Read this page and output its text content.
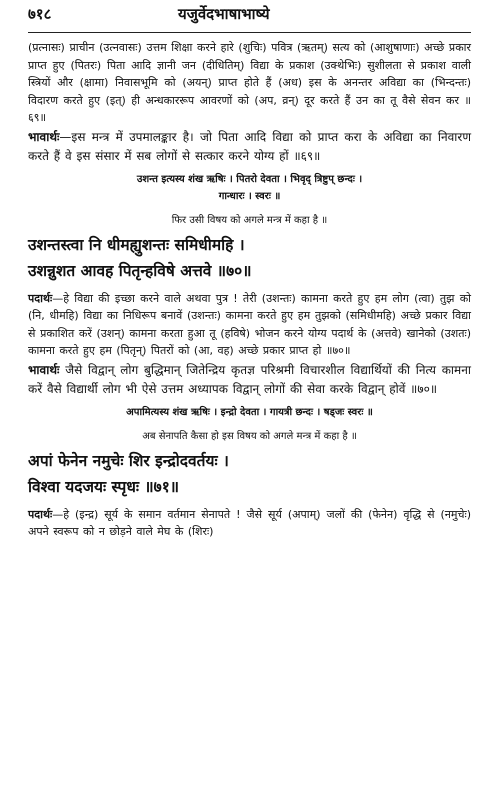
७१८	यजुर्वेदभाषाभाष्ये

(प्रत्नासः) प्राचीन (उत्नवासः) उत्तम शिक्षा करने हारे (शुचिः) पवित्र (ऋतम्) सत्य को (आशुषाणाः) अच्छे प्रकार प्राप्त हुए (पितरः) पिता आदि ज्ञानी जन (दीधितिम्) विद्या के प्रकाश (उक्थेभिः) सुशीलता से प्रकाश वाली स्त्रियों और (क्षामा) निवासभूमि को (अयन्) प्राप्त होते हैं (अध) इस के अनन्तर अविद्या का (भिन्दन्तः) विदारण करते हुए (इत्) ही अन्धकाररूप आवरणों को (अप, व्रन्) दूर करते हैं उन का तू वैसे सेवन कर ॥६९॥

भावार्थः—इस मन्त्र में उपमालङ्कार है। जो पिता आदि विद्या को प्राप्त करा के अविद्या का निवारण करते हैं वे इस संसार में सब लोगों से सत्कार करने योग्य हों ॥६९॥

उशन्त इत्यस्य शंख ऋषिः । पितरो देवता । भिवृद् त्रिष्टुप् छन्दः ।
गान्धारः । स्वरः ॥
फिर उसी विषय को अगले मन्त्र में कहा है ॥

उशन्तस्त्वा नि धीमह्युशन्तः समिधीमहि ।

उशन्नुशत आवह पितृन्हविषे अत्तवे ॥७०॥

पदार्थः—हे विद्या की इच्छा करने वाले अथवा पुत्र ! तेरी (उशन्तः) कामना करते हुए हम लोग (त्वा) तुझ को (नि, धीमहि) विद्या का निधिरूप बनावें (उशन्तः) कामना करते हुए हम तुझको (समिधीमहि) अच्छे प्रकार विद्या से प्रकाशित करें (उशन्) कामना करता हुआ तू (हविषे) भोजन करने योग्य पदार्थ के (अत्तवे) खानेको (उशतः) कामना करते हुए हम (पितृन्) पितरों को (आ, वह) अच्छे प्रकार प्राप्त हो ॥७०॥

भावार्थः जैसे विद्वान् लोग बुद्धिमान् जितेन्द्रिय कृतज्ञ परिश्रमी विचारशील विद्यार्थियों की नित्य कामना करें वैसे विद्यार्थी लोग भी ऐसे उत्तम अध्यापक विद्वान् लोगों की सेवा करके विद्वान् होवें ॥७०॥

अपामित्यस्य शंख ऋषिः । इन्द्रो देवता । गायत्री छन्दः । षड्जः स्वरः ॥
अब सेनापति कैसा हो इस विषय को अगले मन्त्र में कहा है ॥

अपां फेनेन नमुचेः शिर इन्द्रोदवर्तयः ।

विश्वा यदजयः स्पृधः ॥७१॥

पदार्थः—हे (इन्द्र) सूर्य के समान वर्तमान सेनापते ! जैसे सूर्य (अपाम्) जलों की (फेनेन) वृद्धि से (नमुचेः) अपने स्वरूप को न छोड़ने वाले मेघ के (शिरः)
